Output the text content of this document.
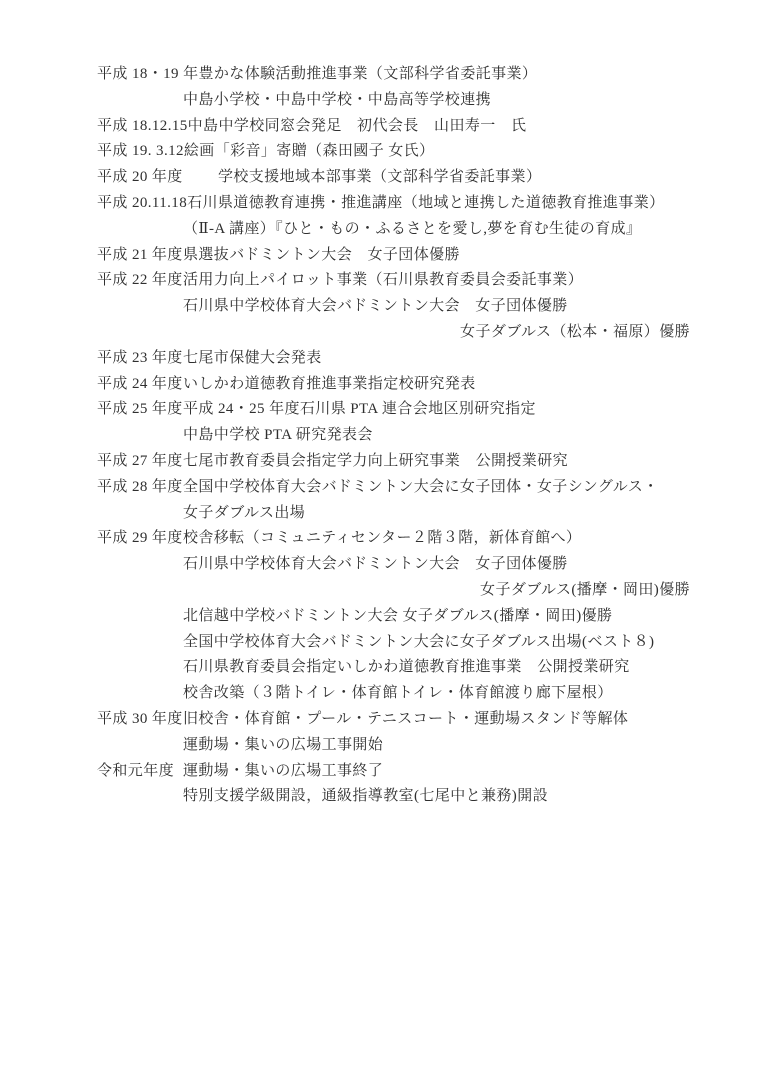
平成 18・19 年 豊かな体験活動推進事業（文部科学省委託事業）
中島小学校・中島中学校・中島高等学校連携
平成 18.12.15 中島中学校同窓会発足　初代会長　山田寿一　氏
平成 19. 3.12 絵画「彩音」寄贈（森田國子 女氏）
平成 20 年度 　　 学校支援地域本部事業（文部科学省委託事業）
平成 20.11.18 石川県道徳教育連携・推進講座（地域と連携した道徳教育推進事業）
（Ⅱ-A 講座）『ひと・もの・ふるさとを愛し,夢を育む生徒の育成』
平成 21 年度 県選抜バドミントン大会　女子団体優勝
平成 22 年度 活用力向上パイロット事業（石川県教育委員会委託事業）
石川県中学校体育大会バドミントン大会　女子団体優勝
女子ダブルス（松本・福原）優勝
平成 23 年度 七尾市保健大会発表
平成 24 年度 いしかわ道徳教育推進事業指定校研究発表
平成 25 年度 平成 24・25 年度石川県 PTA 連合会地区別研究指定
中島中学校 PTA 研究発表会
平成 27 年度 七尾市教育委員会指定学力向上研究事業　公開授業研究
平成 28 年度 全国中学校体育大会バドミントン大会に女子団体・女子シングルス・
女子ダブルス出場
平成 29 年度 校舎移転（コミュニティセンター２階３階，新体育館へ）
石川県中学校体育大会バドミントン大会　女子団体優勝
女子ダブルス(播摩・岡田)優勝
北信越中学校バドミントン大会 女子ダブルス(播摩・岡田)優勝
全国中学校体育大会バドミントン大会に女子ダブルス出場(ベスト８)
石川県教育委員会指定いしかわ道徳教育推進事業　公開授業研究
校舎改築（３階トイレ・体育館トイレ・体育館渡り廊下屋根）
平成 30 年度 旧校舎・体育館・プール・テニスコート・運動場スタンド等解体
運動場・集いの広場工事開始
令和元年度 運動場・集いの広場工事終了
特別支援学級開設，通級指導教室(七尾中と兼務)開設
